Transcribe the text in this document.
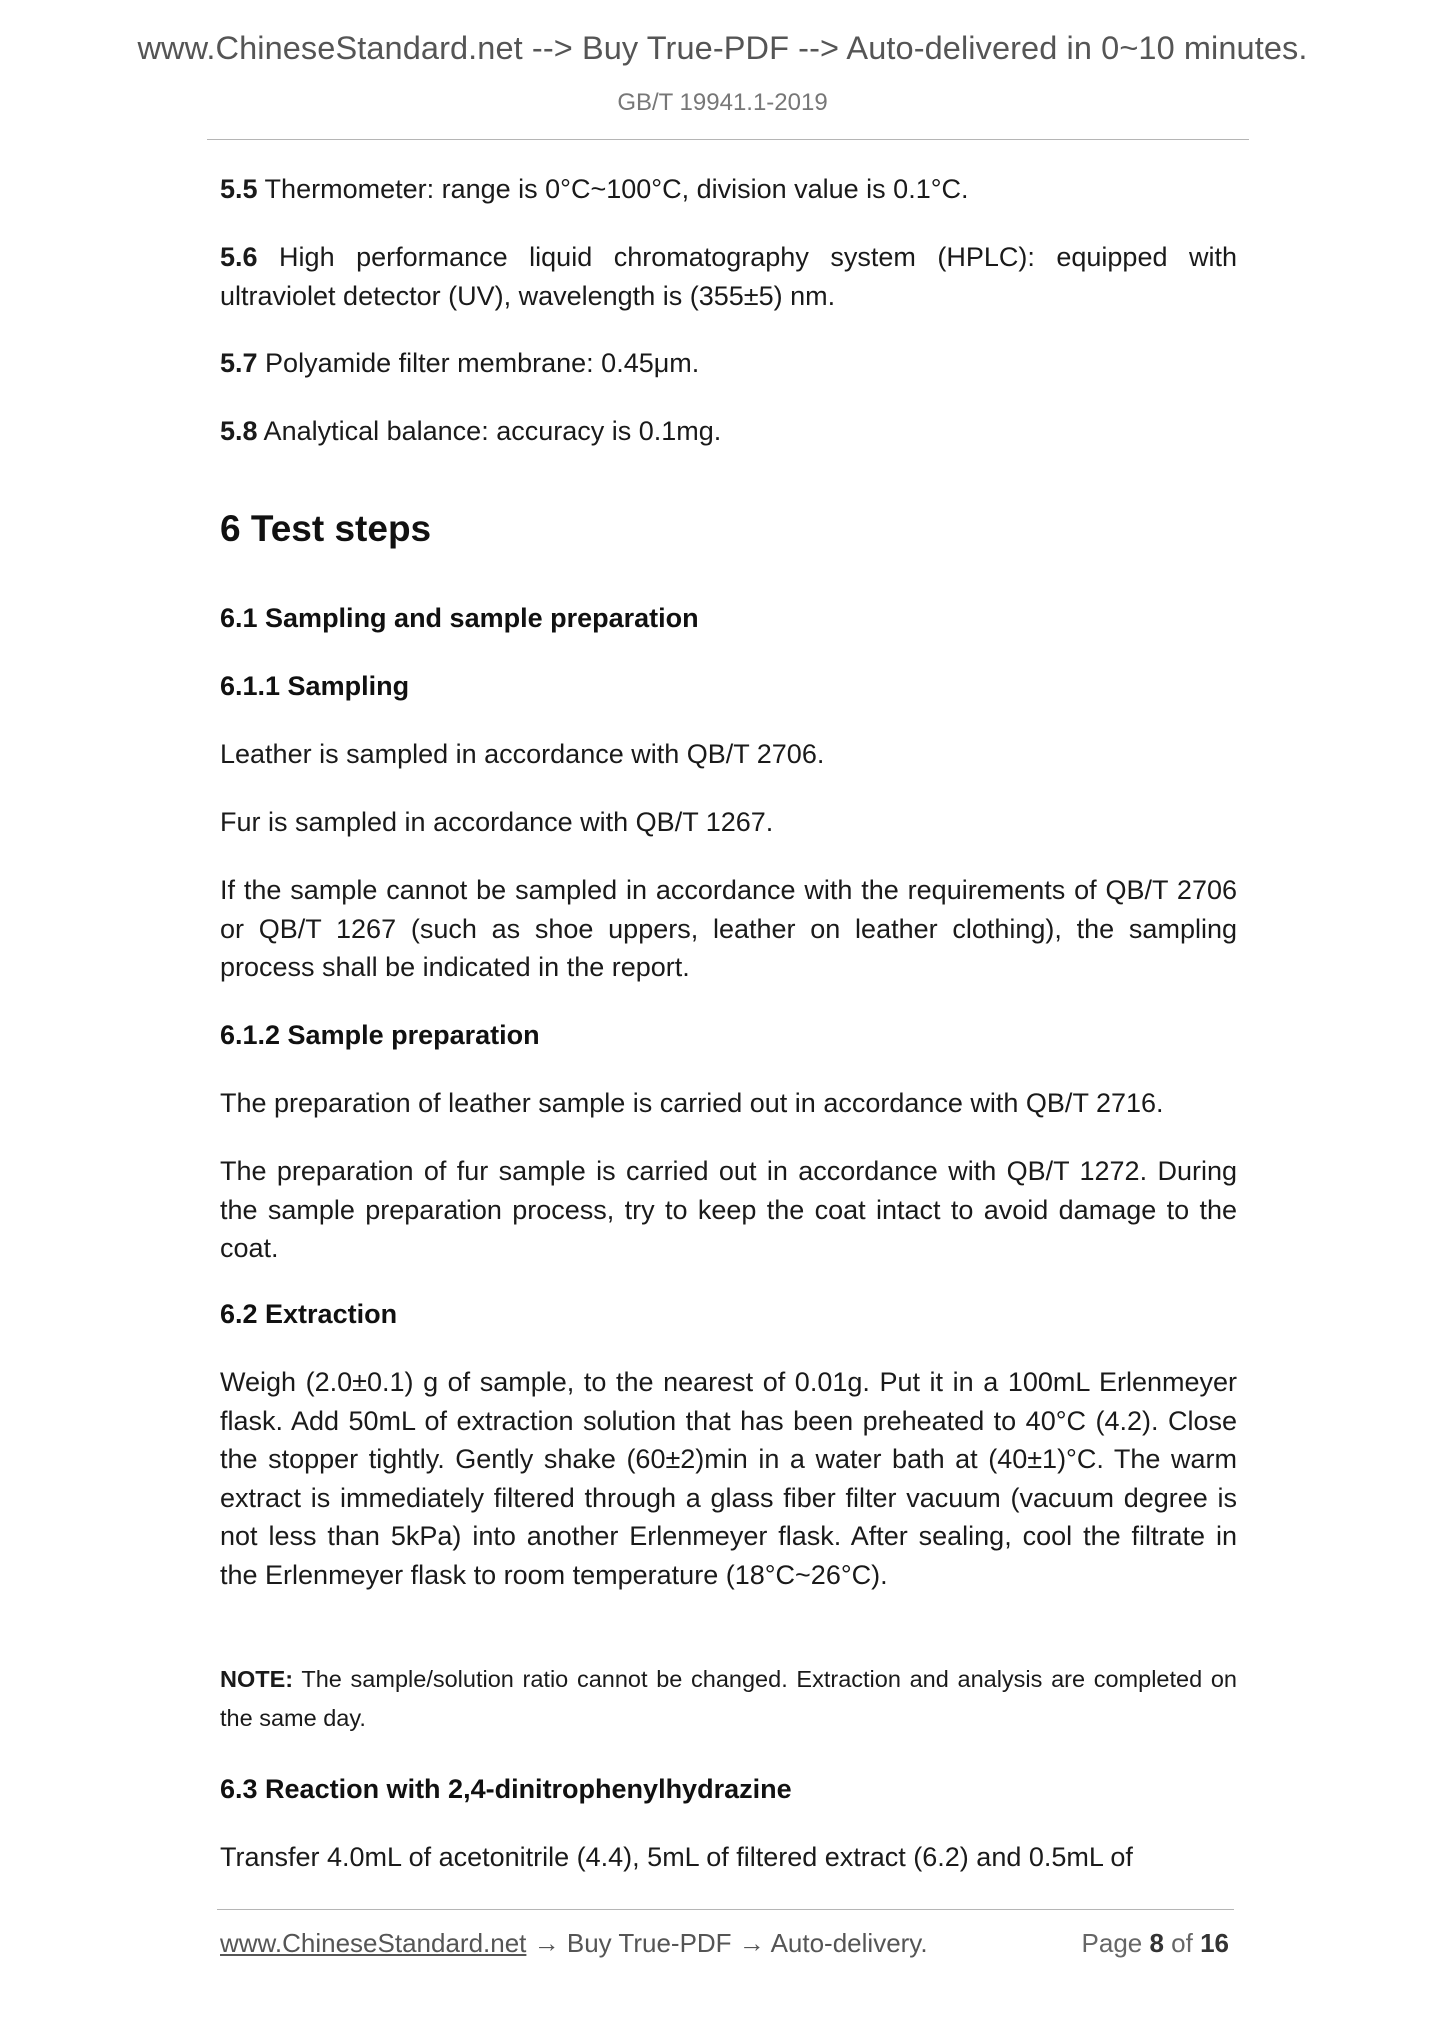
www.ChineseStandard.net --> Buy True-PDF --> Auto-delivered in 0~10 minutes.
GB/T 19941.1-2019

5.5 Thermometer: range is 0°C~100°C, division value is 0.1°C.

5.6 High performance liquid chromatography system (HPLC): equipped with ultraviolet detector (UV), wavelength is (355±5) nm.

5.7 Polyamide filter membrane: 0.45μm.

5.8 Analytical balance: accuracy is 0.1mg.

6 Test steps
6.1 Sampling and sample preparation
6.1.1 Sampling

Leather is sampled in accordance with QB/T 2706.

Fur is sampled in accordance with QB/T 1267.

If the sample cannot be sampled in accordance with the requirements of QB/T 2706 or QB/T 1267 (such as shoe uppers, leather on leather clothing), the sampling process shall be indicated in the report.

6.1.2 Sample preparation

The preparation of leather sample is carried out in accordance with QB/T 2716.

The preparation of fur sample is carried out in accordance with QB/T 1272. During the sample preparation process, try to keep the coat intact to avoid damage to the coat.

6.2 Extraction

Weigh (2.0±0.1) g of sample, to the nearest of 0.01g. Put it in a 100mL Erlenmeyer flask. Add 50mL of extraction solution that has been preheated to 40°C (4.2). Close the stopper tightly. Gently shake (60±2)min in a water bath at (40±1)°C. The warm extract is immediately filtered through a glass fiber filter vacuum (vacuum degree is not less than 5kPa) into another Erlenmeyer flask. After sealing, cool the filtrate in the Erlenmeyer flask to room temperature (18°C~26°C).

NOTE: The sample/solution ratio cannot be changed. Extraction and analysis are completed on the same day.

6.3 Reaction with 2,4-dinitrophenylhydrazine

Transfer 4.0mL of acetonitrile (4.4), 5mL of filtered extract (6.2) and 0.5mL of

www.ChineseStandard.net → Buy True-PDF → Auto-delivery.	Page 8 of 16
